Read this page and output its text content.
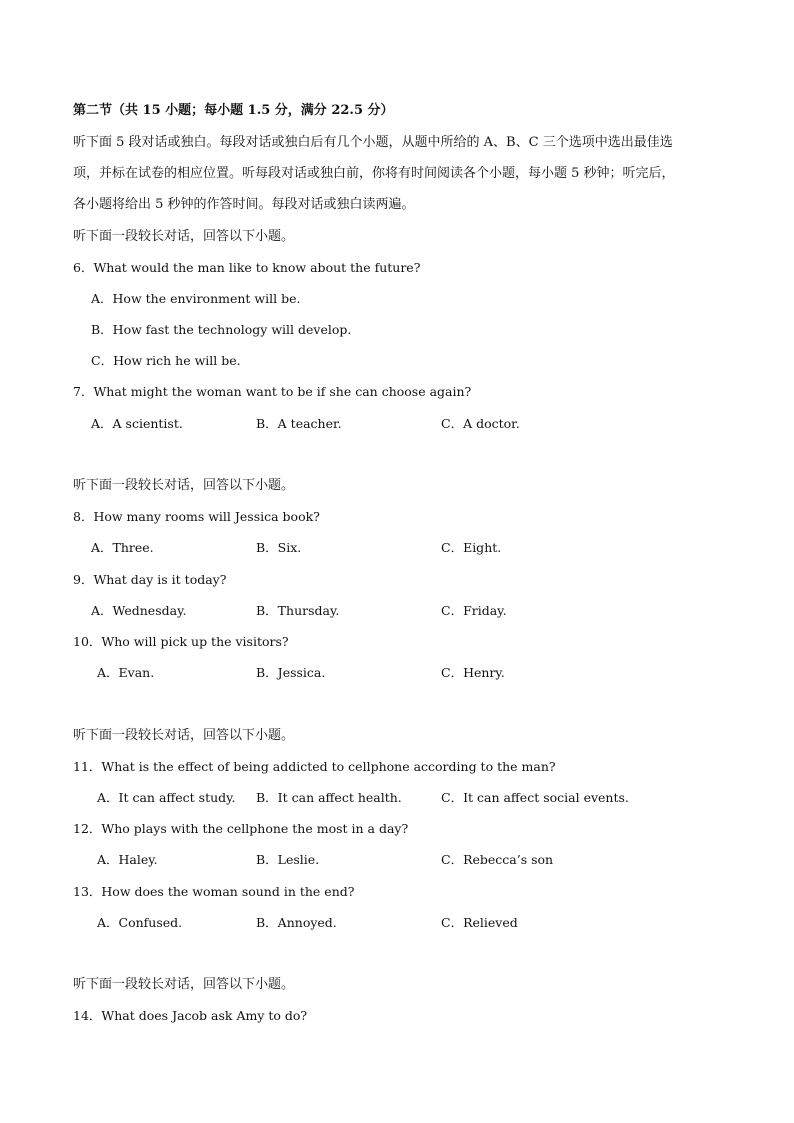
第二节（共 15 小题；每小题 1.5 分，满分 22.5 分）
听下面 5 段对话或独白。每段对话或独白后有几个小题，从题中所给的 A、B、C 三个选项中选出最佳选
项，并标在试卷的相应位置。听每段对话或独白前，你将有时间阅读各个小题，每小题 5 秒钟；听完后，
各小题将给出 5 秒钟的作答时间。每段对话或独白读两遍。
听下面一段较长对话，回答以下小题。
6．What would the man like to know about the future?
A．How the environment will be.
B．How fast the technology will develop.
C．How rich he will be.
7．What might the woman want to be if she can choose again?
A．A scientist.	B．A teacher.	C．A doctor.
听下面一段较长对话，回答以下小题。
8．How many rooms will Jessica book?
A．Three.	B．Six.	C．Eight.
9．What day is it today?
A．Wednesday.	B．Thursday.	C．Friday.
10．Who will pick up the visitors?
A．Evan.	B．Jessica.	C．Henry.
听下面一段较长对话，回答以下小题。
11．What is the effect of being addicted to cellphone according to the man?
A．It can affect study. B．It can affect health.	C．It can affect social events.
12．Who plays with the cellphone the most in a day?
A．Haley.	B．Leslie.	C．Rebecca’s son
13．How does the woman sound in the end?
A．Confused.	B．Annoyed.	C．Relieved
听下面一段较长对话，回答以下小题。
14．What does Jacob ask Amy to do?
